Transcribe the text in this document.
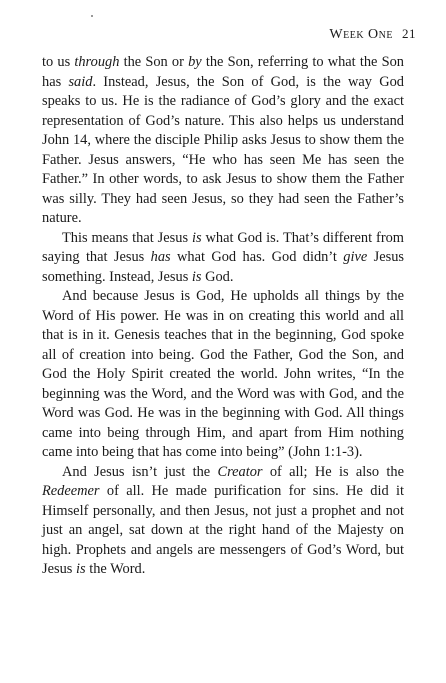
Week One 21

to us through the Son or by the Son, referring to what the Son has said. Instead, Jesus, the Son of God, is the way God speaks to us. He is the radiance of God’s glory and the exact representation of God’s nature. This also helps us understand John 14, where the disciple Philip asks Jesus to show them the Father. Jesus answers, “He who has seen Me has seen the Father.” In other words, to ask Jesus to show them the Father was silly. They had seen Jesus, so they had seen the Father’s nature.

This means that Jesus is what God is. That’s different from saying that Jesus has what God has. God didn’t give Jesus something. Instead, Jesus is God.

And because Jesus is God, He upholds all things by the Word of His power. He was in on creating this world and all that is in it. Genesis teaches that in the beginning, God spoke all of creation into being. God the Father, God the Son, and God the Holy Spirit created the world. John writes, “In the beginning was the Word, and the Word was with God, and the Word was God. He was in the beginning with God. All things came into being through Him, and apart from Him nothing came into being that has come into being” (John 1:1-3).

And Jesus isn’t just the Creator of all; He is also the Redeemer of all. He made purification for sins. He did it Himself personally, and then Jesus, not just a prophet and not just an angel, sat down at the right hand of the Majesty on high. Prophets and angels are messengers of God’s Word, but Jesus is the Word.
